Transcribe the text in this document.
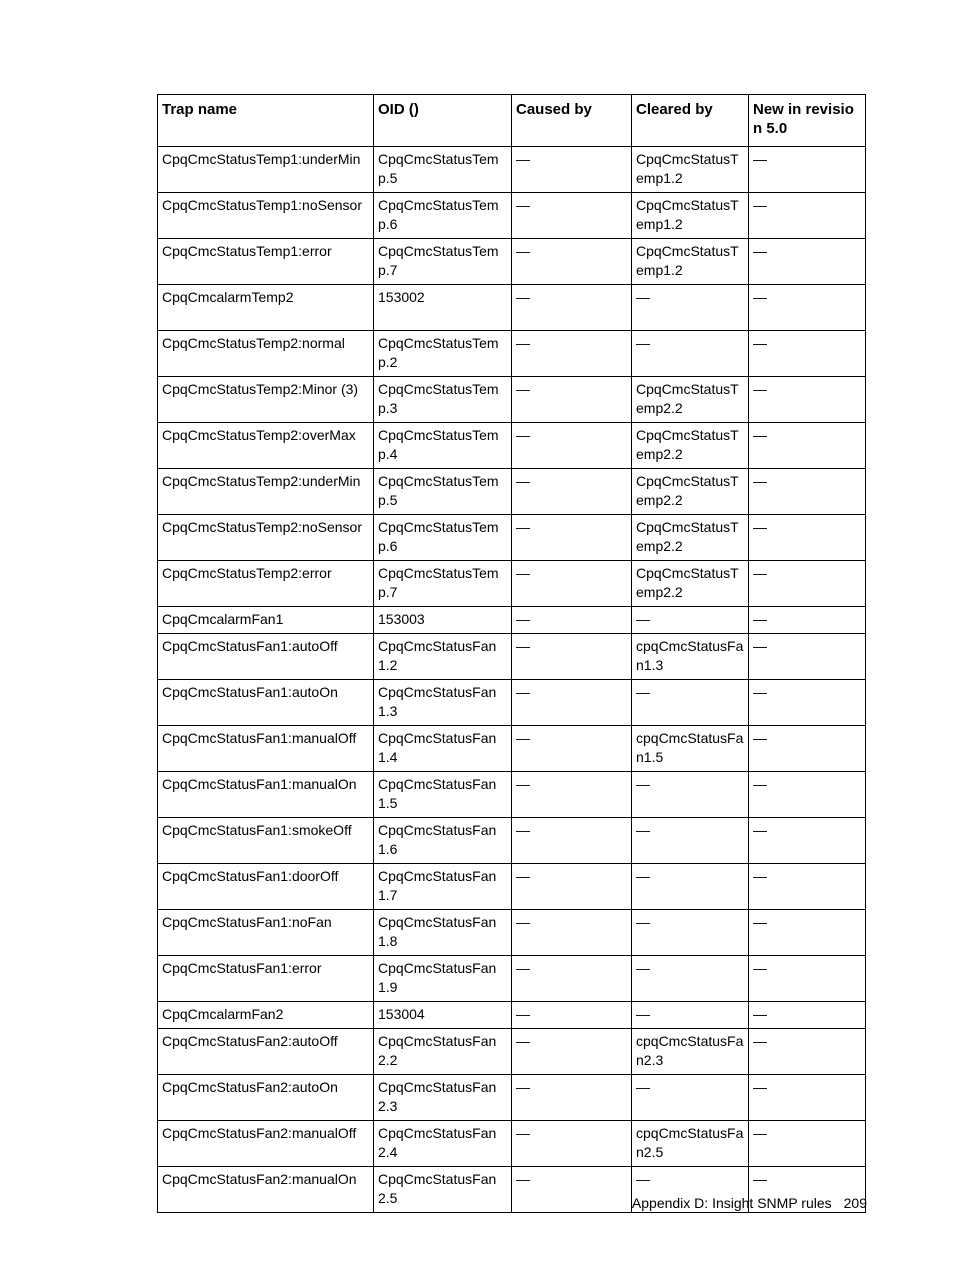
Trap name	OID ()	Caused by	Cleared by	New in revision 5.0
CpqCmcStatusTemp1:underMin	CpqCmcStatusTemp.5	—	CpqCmcStatusTemp1.2	—
CpqCmcStatusTemp1:noSensor	CpqCmcStatusTemp.6	—	CpqCmcStatusTemp1.2	—
CpqCmcStatusTemp1:error	CpqCmcStatusTemp.7	—	CpqCmcStatusTemp1.2	—
CpqCmcalarmTemp2	153002	—	—	—
CpqCmcStatusTemp2:normal	CpqCmcStatusTemp.2	—	—	—
CpqCmcStatusTemp2:Minor (3)	CpqCmcStatusTemp.3	—	CpqCmcStatusTemp2.2	—
CpqCmcStatusTemp2:overMax	CpqCmcStatusTemp.4	—	CpqCmcStatusTemp2.2	—
CpqCmcStatusTemp2:underMin	CpqCmcStatusTemp.5	—	CpqCmcStatusTemp2.2	—
CpqCmcStatusTemp2:noSensor	CpqCmcStatusTemp.6	—	CpqCmcStatusTemp2.2	—
CpqCmcStatusTemp2:error	CpqCmcStatusTemp.7	—	CpqCmcStatusTemp2.2	—
CpqCmcalarmFan1	153003	—	—	—
CpqCmcStatusFan1:autoOff	CpqCmcStatusFan1.2	—	cpqCmcStatusFan1.3	—
CpqCmcStatusFan1:autoOn	CpqCmcStatusFan1.3	—	—	—
CpqCmcStatusFan1:manualOff	CpqCmcStatusFan1.4	—	cpqCmcStatusFan1.5	—
CpqCmcStatusFan1:manualOn	CpqCmcStatusFan1.5	—	—	—
CpqCmcStatusFan1:smokeOff	CpqCmcStatusFan1.6	—	—	—
CpqCmcStatusFan1:doorOff	CpqCmcStatusFan1.7	—	—	—
CpqCmcStatusFan1:noFan	CpqCmcStatusFan1.8	—	—	—
CpqCmcStatusFan1:error	CpqCmcStatusFan1.9	—	—	—
CpqCmcalarmFan2	153004	—	—	—
CpqCmcStatusFan2:autoOff	CpqCmcStatusFan2.2	—	cpqCmcStatusFan2.3	—
CpqCmcStatusFan2:autoOn	CpqCmcStatusFan2.3	—	—	—
CpqCmcStatusFan2:manualOff	CpqCmcStatusFan2.4	—	cpqCmcStatusFan2.5	—
CpqCmcStatusFan2:manualOn	CpqCmcStatusFan2.5	—	—	—
Appendix D: Insight SNMP rules 209
